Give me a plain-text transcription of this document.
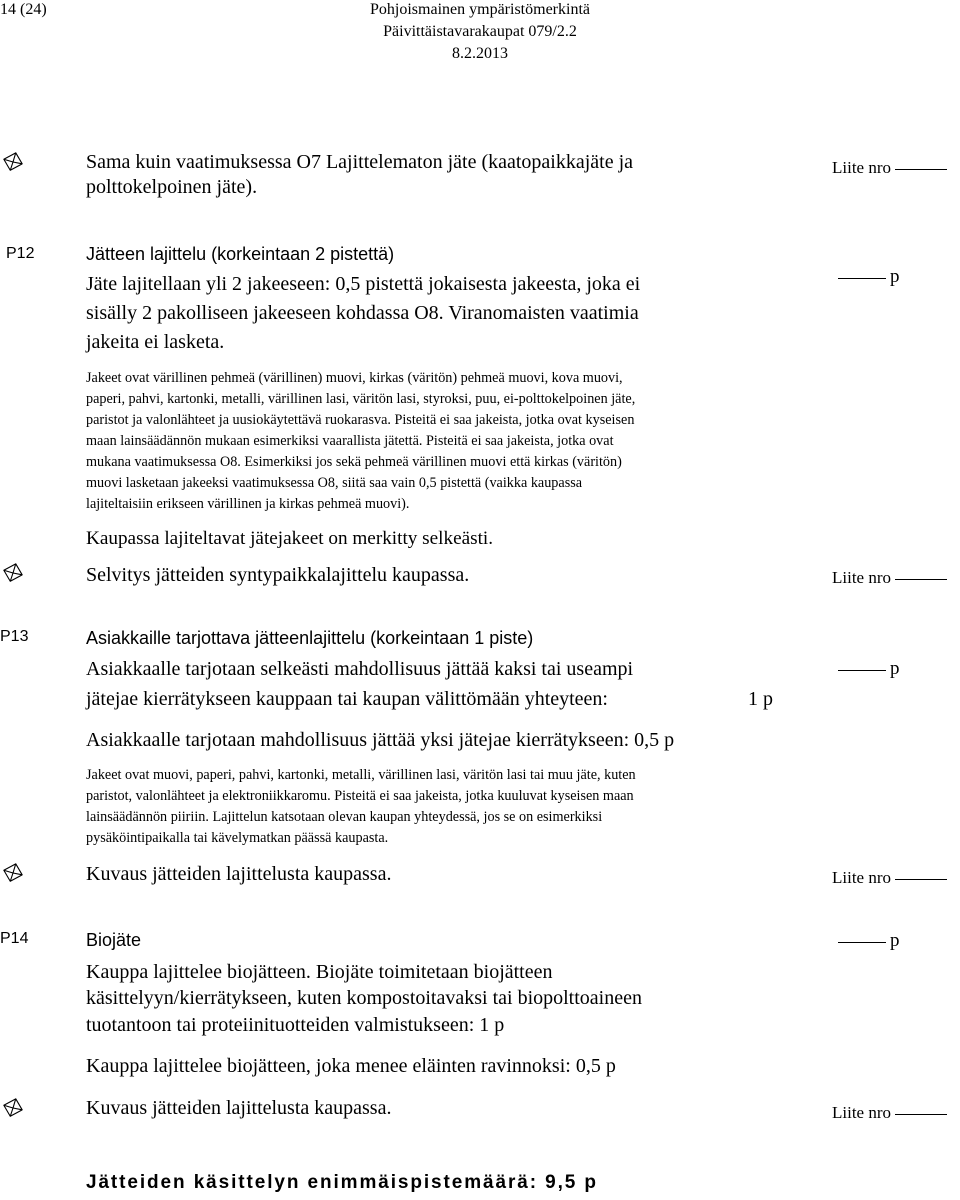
14 (24)	Pohjoismainen ympäristömerkintä
Päivittäistavarakaupat 079/2.2
8.2.2013
Sama kuin vaatimuksessa O7 Lajittelematon jäte (kaatopaikkajäte ja
polttokelpoinen jäte).
Liite nro
P12	Jätteen lajittelu (korkeintaan 2 pistettä)
Jäte lajitellaan yli 2 jakeeseen: 0,5 pistettä jokaisesta jakeesta, joka ei
sisälly 2 pakolliseen jakeeseen kohdassa O8. Viranomaisten vaatimia
jakeita ei lasketa.
p
Jakeet ovat värillinen pehmeä (värillinen) muovi, kirkas (väritön) pehmeä muovi, kova muovi,
paperi, pahvi, kartonki, metalli, värillinen lasi, väritön lasi, styroksi, puu, ei-polttokelpoinen jäte,
paristot ja valonlähteet ja uusiokäytettävä ruokarasva. Pisteitä ei saa jakeista, jotka ovat kyseisen
maan lainsäädännön mukaan esimerkiksi vaarallista jätettä. Pisteitä ei saa jakeista, jotka ovat
mukana vaatimuksessa O8. Esimerkiksi jos sekä pehmeä värillinen muovi että kirkas (väritön)
muovi lasketaan jakeeksi vaatimuksessa O8, siitä saa vain 0,5 pistettä (vaikka kaupassa
lajiteltaisiin erikseen värillinen ja kirkas pehmeä muovi).
Kaupassa lajiteltavat jätejakeet on merkitty selkeästi.
Selvitys jätteiden syntypaikkalajittelu kaupassa.	Liite nro
P13	Asiakkaille tarjottava jätteenlajittelu (korkeintaan 1 piste)
Asiakkaalle tarjotaan selkeästi mahdollisuus jättää kaksi tai useampi
jätejae kierrätykseen kauppaan tai kaupan välittömään yhteyteen:	1 p
p
Asiakkaalle tarjotaan mahdollisuus jättää yksi jätejae kierrätykseen: 0,5 p
Jakeet ovat muovi, paperi, pahvi, kartonki, metalli, värillinen lasi, väritön lasi tai muu jäte, kuten
paristot, valonlähteet ja elektroniikkaromu. Pisteitä ei saa jakeista, jotka kuuluvat kyseisen maan
lainsäädännön piiriin. Lajittelun katsotaan olevan kaupan yhteydessä, jos se on esimerkiksi
pysäköintipaikalla tai kävelymatkan päässä kaupasta.
Kuvaus jätteiden lajittelusta kaupassa.	Liite nro
P14	Biojäte	p
Kauppa lajittelee biojätteen. Biojäte toimitetaan biojätteen
käsittelyyn/kierrätykseen, kuten kompostoitavaksi tai biopolttoaineen
tuotantoon tai proteiinituotteiden valmistukseen: 1 p
Kauppa lajittelee biojätteen, joka menee eläinten ravinnoksi: 0,5 p
Kuvaus jätteiden lajittelusta kaupassa.	Liite nro
Jätteiden käsittelyn enimmäispistemäärä: 9,5 p
